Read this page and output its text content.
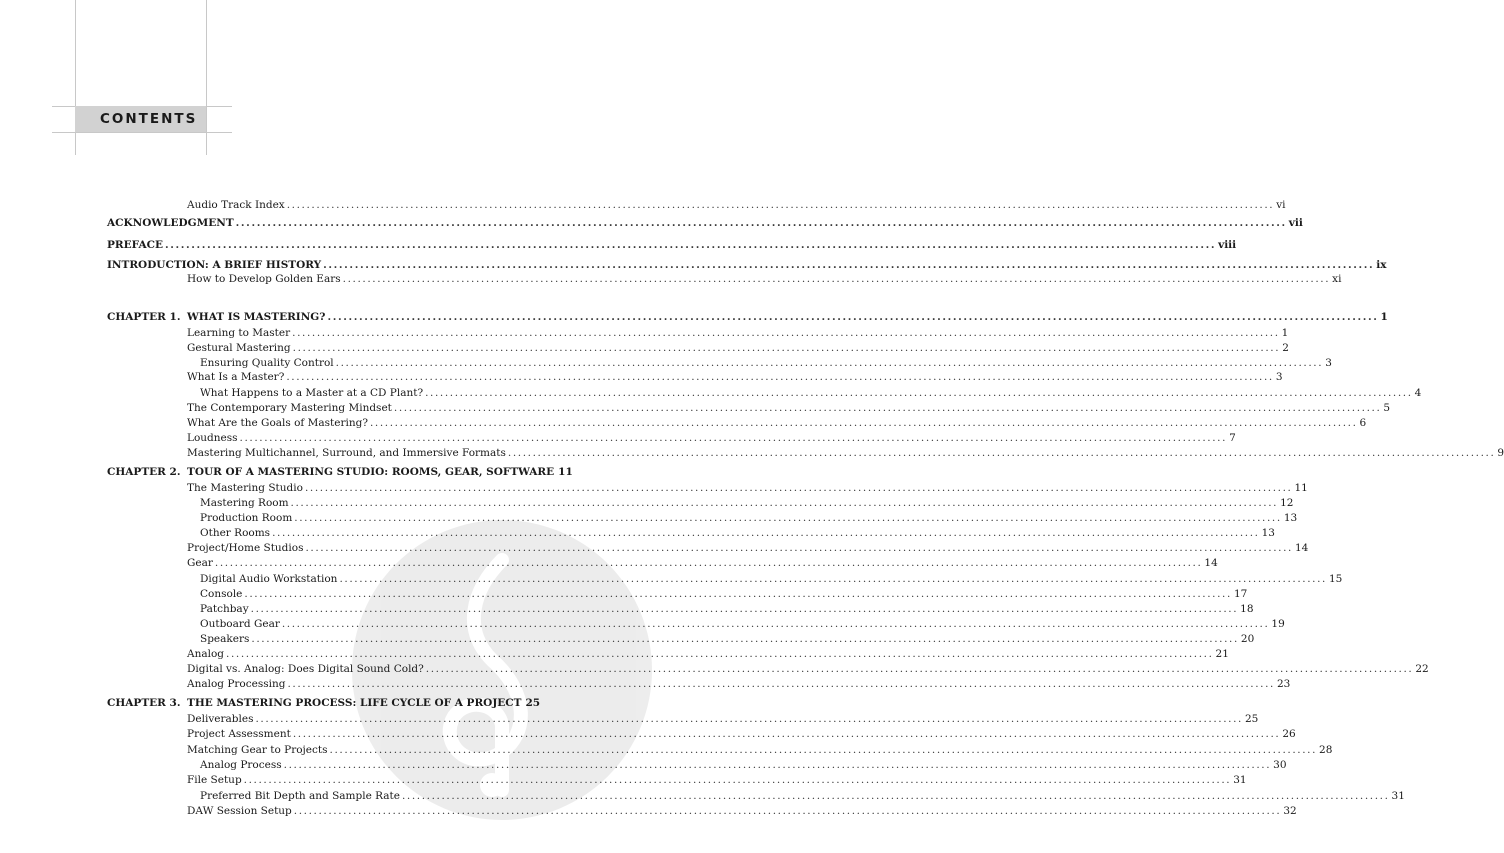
CONTENTS
Audio Track Index .....	vi
ACKNOWLEDGMENT .....	vii
PREFACE .....	viii
INTRODUCTION: A BRIEF HISTORY .....	ix
How to Develop Golden Ears .....	xi
CHAPTER 1. WHAT IS MASTERING? .....	1
Learning to Master .....	1
Gestural Mastering .....	2
Ensuring Quality Control .....	3
What Is a Master? .....	3
What Happens to a Master at a CD Plant? .....	4
The Contemporary Mastering Mindset .....	5
What Are the Goals of Mastering? .....	6
Loudness .....	7
Mastering Multichannel, Surround, and Immersive Formats .....	9
CHAPTER 2. TOUR OF A MASTERING STUDIO: ROOMS, GEAR, SOFTWARE 11
The Mastering Studio .....	11
Mastering Room .....	12
Production Room .....	13
Other Rooms .....	13
Project/Home Studios .....	14
Gear .....	14
Digital Audio Workstation .....	15
Console .....	17
Patchbay .....	18
Outboard Gear .....	19
Speakers .....	20
Analog .....	21
Digital vs. Analog: Does Digital Sound Cold? .....	22
Analog Processing .....	23
CHAPTER 3. THE MASTERING PROCESS: LIFE CYCLE OF A PROJECT 25
Deliverables .....	25
Project Assessment .....	26
Matching Gear to Projects .....	28
Analog Process .....	30
File Setup .....	31
Preferred Bit Depth and Sample Rate .....	31
DAW Session Setup .....	32
